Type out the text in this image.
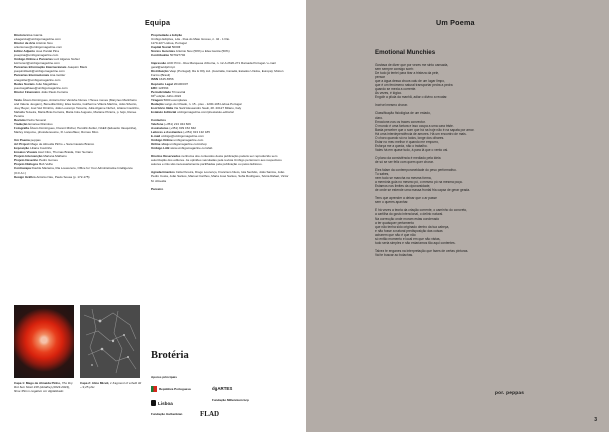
Equipa

Diretora Elsa Garcia

elsagarcia@umbigomagazine.com

Diretor de Arte António Néu

antonioneu@umbigomagazine.com

Editor Adjunto José Pardal Pina

josepina@umbigomagazine.com

Umbigo Online e Parcerias Luiz Algarve Nuñez

luiznunez@umbigomagazine.com

Parcerias Informação Internacionais Joaquim Black

joaquimblack@umbigomagazine.com

Parcerias Internacionais Ana Gottler

anagottler@umbigomagazine.com

Redes Sociais João Magalhães

joaomagalhaes@umbigomagazine.com

Diretor Financeiro João Paulo Ferreira

Texto Álvaro Domingues, Antonio Doc Vanishe Nunes / Hexes mexes (Marynes Marinheiro and Valerie Jeugam), Benedita Roby, Elsa Garcia, Guilherme Villeza Martins, João Silvério, Joey Beyer, Joel Vaz Dimitrio, João Lourenço Teixeira, Julia Algarve Nuñez, Liliana Coutinho, Mafalda Teixeira, Maria Brás Ferreira, Maria Inês Augusto, Mariane Pizarra, p. feijó, Renee Pereira

Revisão Pedro Soveral

Tradução Emanuel Ramires

Fotografia Álvaro Domingues, Florent Michel, Hendrik Zeitler, NAEF (Eduardo Vasquinha), Marley Arayume, photoderesume, R. Lanouffaux, Romeu Mico

Um Poema peppas

Art Project Mago de Almeida Pinho + Sara Castelo Branco

Exposição Liliana Coutinho

Ensaios Visuais Axel Citro, Thomas Braida, Vitor Serrano

Projeto Intervenção Mariana Malheiro

Projeto Desenho Pedro Gomes

Projeto Diálogos Bob Velho

Contracapa Double Mazama, Ria Louwerens, Office for Your Administrative Intelligence (O.F.A.I.)

Design Gráfico António Néu, Paulo Sousa (p. 172-175)

Propriedade e Edição

Umbigo Edições, Lda - Rua do Mato Grosso, n. 42 - 1 Dto.

1170-227 Lisboa, Portugal

Capital Social 5000€

Sócios Gerentes António Néu (50%) e Elsa Garcia (50%)

Contribuinte 507927702

Impressão ACD Print - Rua Marquesa d'Alorna, n. 12-A 2620-271 Ramada Portugal / e-mail geral@acdprint.pt

Distribuição Vasp (Portugal); Ra & Olly Ltd. (Australia, Canadá, Estados Unidos, Europa); Motion Forms (Brasil)

ISSN 1645-6556

Depósito Legal 261003/07

ERC 124594

Periodicidade Trimestral

84ª edição Julho 2024

Tiragem 5000 exemplares

Redação Largo do Chiado, n. 15 - piso - 1200-108 Lisboa Portugal

Escritório Itália Via Sant'Alessandro Sauli, 28. 20127 Milano, Italy

Estatuto Editorial umbigomagazine.com/pt/estatuto-editorial

Contactos

Telefone (+351) 213 344 609

Assinaturas (+351) 939 152 842

Leitores e Assinantes (+351) 913 132 185

E-mail umbigo@umbigomagazine.com

Umbigo Online umbigomagazine.com

Online shop umbigomagazine.com/shop

Umbigo LAB www.umbigomagazine.com/lab

Direitos Reservados nenhuma dos conteúdos desta publicação poderá ser reproduzido sem autorização dos editores. As opiniões veiculadas pela revista Umbigo pertencem aos respectivos autores e não são necessariamente partilhadas pela publicação ou pelos Editores.

Agradecimentos Célia Pereira, Diogo Lourenço, Francisco Nieto, Iola Serôdio, João Santos, João Pedro Costa, João Santos, Manuel Carlhos, Maria José Santos, Sofia Rodrigues, Sónia Rafael, Victor M. Almeida

Parceiro

Capa 1: Mago de Almeida Pinho, The Dry Rot Sun Stool 318 (detalhe) (2023-2024), filme 35mm negativo cor digitalizado
Capa 2: Alice Miceli, 1 fragment of a field 32 – 9,25 μSv
Brotéria
Apoios principais
República Portuguesa	dgARTES
Lisboa
Fundação Millennium bcp
Fundação Gulbenkian	FLAD
Um Poema
Emotional Munchies

Gostava de dizer que por vezes me sinto cansada,

sem sempre consigo sorrir.

De tudo já tentei para tirar a tristeza da pele,

pensar

que a água dessa chuva caiu de um lugar limpo,

que é um fenómeno natural transportar pedra a pedra

quando se mexia a corrente.

Às vezes, é lógico.

Engolir a pilula da manhã, adiar o divino a recatar.

Incrível mesmo chorar.

Classificação fisiológica de um estado,

claro.

Emocione-nos os traces convector.

O mundo é uma fartura e isso ocupa a uma cara triste.

Basta perceber que o som que há na hoje não é na sapata por amor.

Há uma interdependência de amores. Há um encontro de mais.

O choro quando só no lodos, longe dos olhares.

Estar no meu melhor é quando me empurro,

Esforça me a queda, não o trabalho.

Vales há em quase tudo, à para lá que o vento vai.

O plano da consistência é mediado pela ideia

de só se ser feliz com quem quer chorar.

Eles falam da contemporaneidade do peso performativo.

Tu sabes,

nem tudo se mancha na mesma forma,

a memória guia no mesmo pó, o mesmo pó na mesma poça.

Estamos nos limites da cipovarsidade,

de onde se estende uma massa frontal fria capaz de gerar geada.

Tens que aprender a deixar que o ar passe

sem o queres apanhar.

E há vezes a teoria da criação corrente, o caminho do concreto,

a cartilha do gosto intencional, o delírio natural.

Na correcção onde moram estas condenado

a ter quaisquer pertamento

que não tenha sido originado dentro da tua cabeça,

e não fosse a natural predisposição das coisas

acharem que não é que não

só então momento e local em que não vistas,

tudo seria simples e não estaríamos tão aqui contentes.

Talvez te enganes na interpretação que fazes de certas pinturas.

Vai te buscar ao bolachas.

por. peppas
3
